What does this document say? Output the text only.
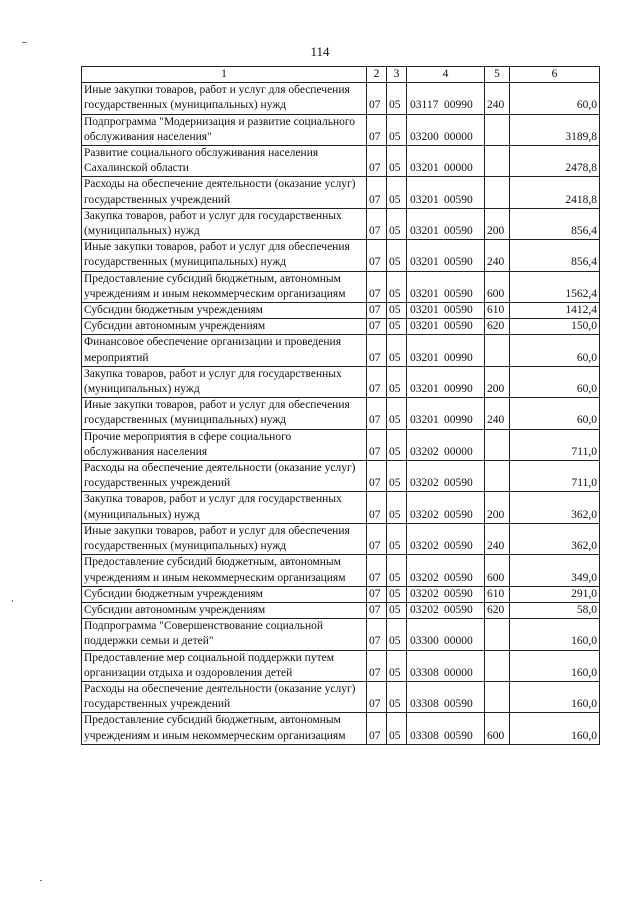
114
1	2	3	4	5	6
Иные закупки товаров, работ и услуг для обеспечения государственных (муниципальных) нужд	07	05	03117 00990	240	60,0
Подпрограмма "Модернизация и развитие социального обслуживания населения"	07	05	03200 00000		3189,8
Развитие социального обслуживания населения Сахалинской области	07	05	03201 00000		2478,8
Расходы на обеспечение деятельности (оказание услуг) государственных учреждений	07	05	03201 00590		2418,8
Закупка товаров, работ и услуг для государственных (муниципальных) нужд	07	05	03201 00590	200	856,4
Иные закупки товаров, работ и услуг для обеспечения государственных (муниципальных) нужд	07	05	03201 00590	240	856,4
Предоставление субсидий бюджетным, автономным учреждениям и иным некоммерческим организациям	07	05	03201 00590	600	1562,4
Субсидии бюджетным учреждениям	07	05	03201 00590	610	1412,4
Субсидии автономным учреждениям	07	05	03201 00590	620	150,0
Финансовое обеспечение организации и проведения мероприятий	07	05	03201 00990		60,0
Закупка товаров, работ и услуг для государственных (муниципальных) нужд	07	05	03201 00990	200	60,0
Иные закупки товаров, работ и услуг для обеспечения государственных (муниципальных) нужд	07	05	03201 00990	240	60,0
Прочие мероприятия в сфере социального обслуживания населения	07	05	03202 00000		711,0
Расходы на обеспечение деятельности (оказание услуг) государственных учреждений	07	05	03202 00590		711,0
Закупка товаров, работ и услуг для государственных (муниципальных) нужд	07	05	03202 00590	200	362,0
Иные закупки товаров, работ и услуг для обеспечения государственных (муниципальных) нужд	07	05	03202 00590	240	362,0
Предоставление субсидий бюджетным, автономным учреждениям и иным некоммерческим организациям	07	05	03202 00590	600	349,0
Субсидии бюджетным учреждениям	07	05	03202 00590	610	291,0
Субсидии автономным учреждениям	07	05	03202 00590	620	58,0
Подпрограмма "Совершенствование социальной поддержки семьи и детей"	07	05	03300 00000		160,0
Предоставление мер социальной поддержки путем организации отдыха и оздоровления детей	07	05	03308 00000		160,0
Расходы на обеспечение деятельности (оказание услуг) государственных учреждений	07	05	03308 00590		160,0
Предоставление субсидий бюджетным, автономным учреждениям и иным некоммерческим организациям	07	05	03308 00590	600	160,0
